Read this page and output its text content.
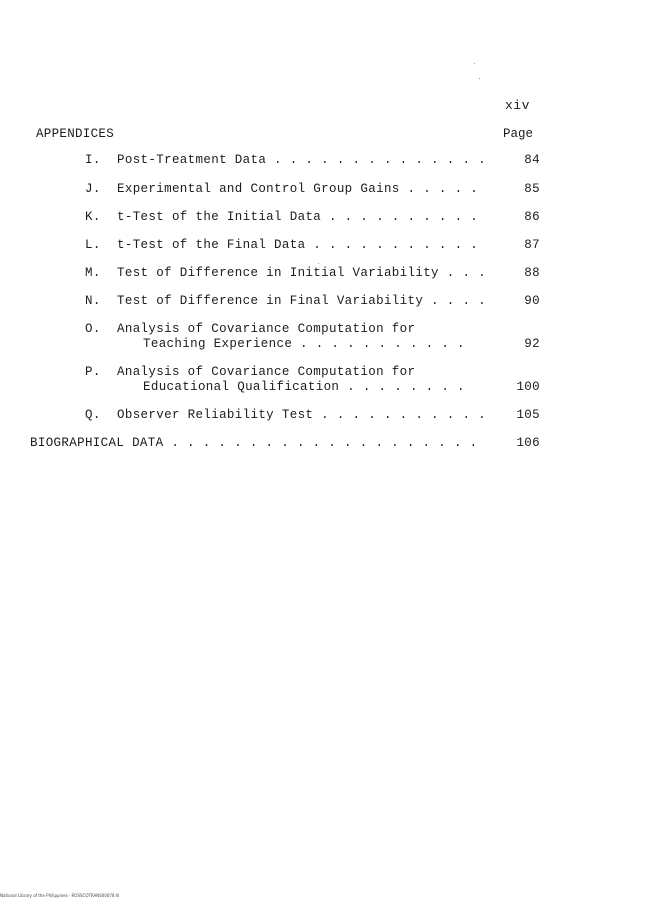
xiv
APPENDICES	Page
I. Post-Treatment Data . . . . . . . . . . . . . .	84
J. Experimental and Control Group Gains . . . . .	85
K. t-Test of the Initial Data . . . . . . . . . .	86
L. t-Test of the Final Data . . . . . . . . . . .	87
M. Test of Difference in Initial Variability . . .	88
N. Test of Difference in Final Variability . . . .	90
O. Analysis of Covariance Computation for
Teaching Experience . . . . . . . . . . .	92
P. Analysis of Covariance Computation for
Educational Qualification . . . . . . . .	100
Q. Observer Reliability Test . . . . . . . . . . . 105
BIOGRAPHICAL DATA . . . . . . . . . . . . . . . . . . . .	106
National Library of the Philippines · ROSSCOTRANS00078 IlI
